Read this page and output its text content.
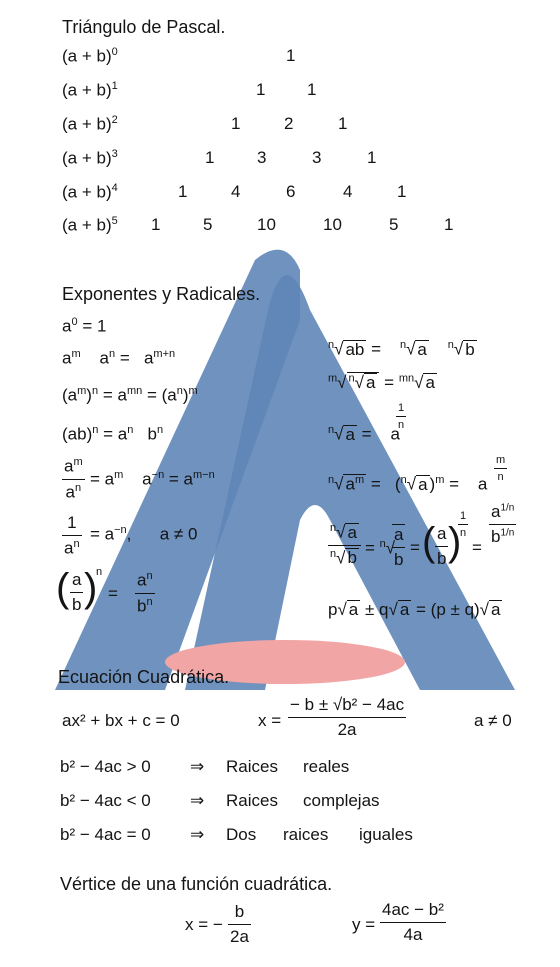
Triángulo de Pascal.
$(a + b)^0$	1
$(a + b)^1$	1 1
$(a + b)^2$	1	2	1
$(a + b)^3$	1	3	3	1
$(a + b)^4$	1	4	6	4	1
$(a + b)^5$ 1	5	10	10	5	1
Exponentes y Radicales.
$a^0 = 1$
$a^m$    $a^n = a^{m+n}$
$(a^m)^n = a^{mn} = (a^n)^m$
$(ab)^n = a^n$   $b^n$
$a^m$
$a^n = a^m$    $a^{-n} = a^{m-n}$
1
$a^n$
= $a^{-n}$,      a ≠ 0
( a
b )
n
=
$a^n$
$b^n$
$^n$√ ab =    $^n$√ a $^n$√ b
$^m$√ $^n$√ a = $^{mn}$√ a
$^n$√ a =    a
1
n
$^n$√ $a^m = (^n√$ a )$^m$ =    a
m
n
$^n$√ a
$^n$√ b
= $^n$√
a
b
= ( a
b )
1
n
=
$a^{1/n}$
$b^{1/n}$
p√ a ± q√ a = (p ± q)√ a
Ecuación Cuadrática.
ax² + bx + c = 0	x =
− b ± √b² − 4ac
2a	a ≠ 0
b² − 4ac > 0 ⇒ Raices reales
b² − 4ac < 0 ⇒ Raices complejas
b² − 4ac = 0 ⇒ Dos raices iguales
Vértice de una función cuadrática.
x = −
b
2a
y =
4ac − b²
4a
